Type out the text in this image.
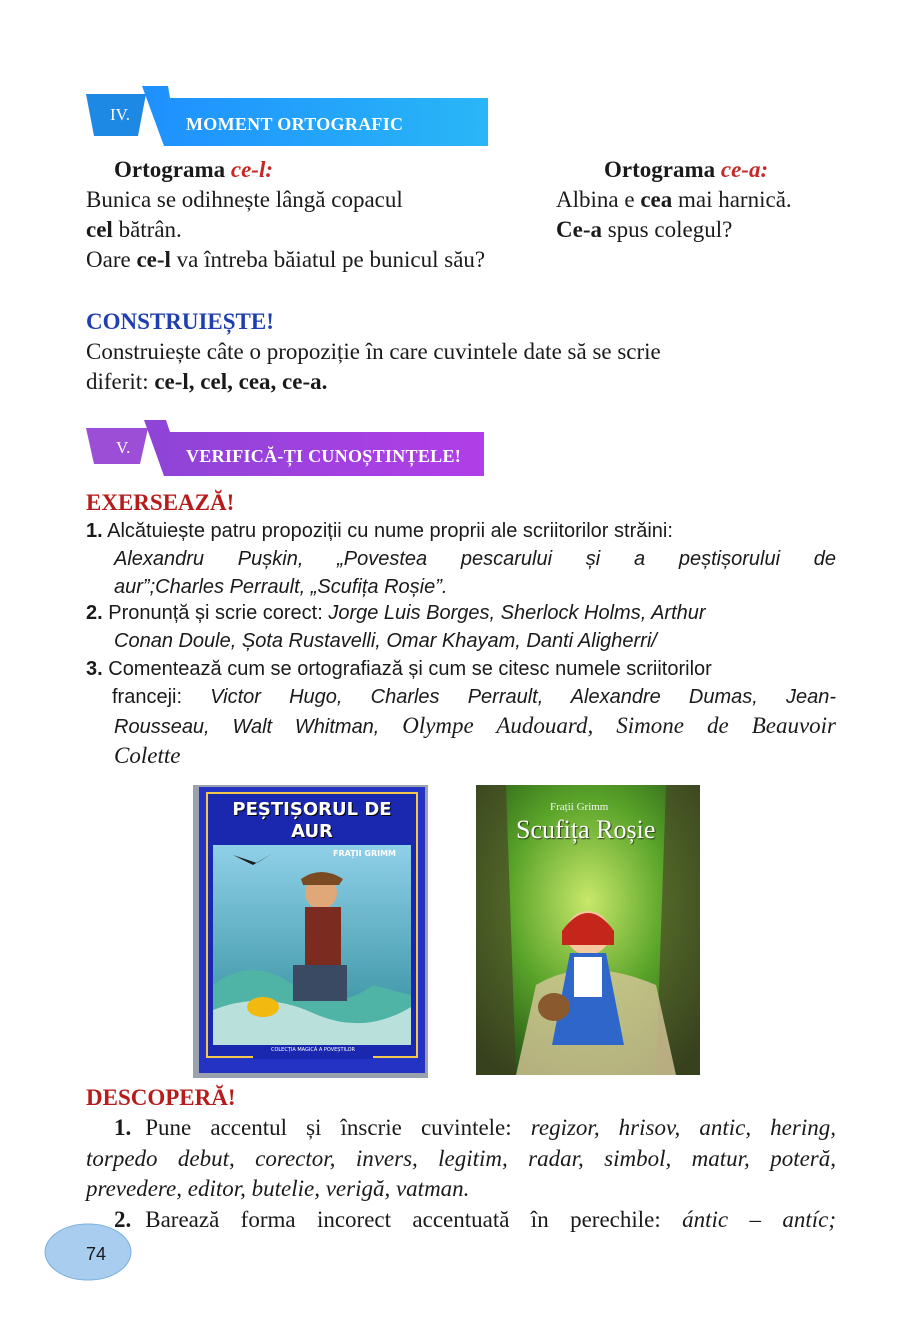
IV.	MOMENT ORTOGRAFIC
Ortograma ce-l:	Ortograma ce-a:
Bunica se odihnește lângă copacul
cel bătrân.
Oare ce-l va întreba băiatul pe bunicul său?
Albina e cea mai harnică.
Ce-a spus colegul?
CONSTRUIEȘTE!
Construiește câte o propoziție în care cuvintele date să se scrie
diferit: ce-l, cel, cea, ce-a.
V.	VERIFICĂ-ȚI CUNOȘTINȚELE!
EXERSEAZĂ!
1. Alcătuiește patru propoziții cu nume proprii ale scriitorilor străini:
Alexandru Pușkin, „Povestea pescarului și a peștișorului de
aur”;Charles Perrault, „Scufița Roșie”.
2. Pronunță și scrie corect: Jorge Luis Borges, Sherlock Holms, Arthur
Conan Doule, Șota Rustavelli, Omar Khayam, Danti Aligherri/
3. Comentează cum se ortografiază și cum se citesc numele scriitorilor
franceji: Victor Hugo, Charles Perrault, Alexandre Dumas, Jean-
Rousseau, Walt Whitman, Olympe Audouard, Simone de Beauvoir
Colette
PEȘTIȘORUL DE AUR
FRAȚII GRIMM
COLECȚIA MAGICĂ A POVEȘTILOR
Frații Grimm
Scufița Roșie
DESCOPERĂ!
1. Pune accentul și înscrie cuvintele: regizor, hrisov, antic, hering,
torpedo debut, corector, invers, legitim, radar, simbol, matur, poteră,
prevedere, editor, butelie, verigă, vatman.
2. Barează forma incorect accentuată în perechile: ántic – antíc;
74
